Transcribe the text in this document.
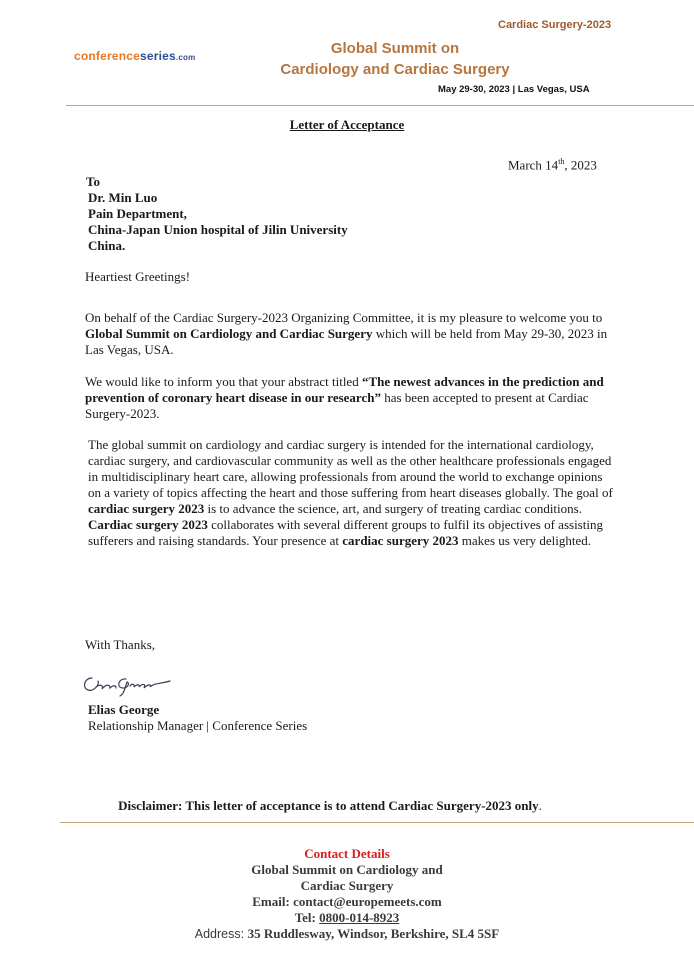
Cardiac Surgery-2023
conferenceseries.com
Global Summit on
Cardiology and Cardiac Surgery
May 29-30, 2023 | Las Vegas, USA
Letter of Acceptance
March 14th, 2023
To
Dr. Min Luo
Pain Department,
China-Japan Union hospital of Jilin University
China.
Heartiest Greetings!
On behalf of the Cardiac Surgery-2023 Organizing Committee, it is my pleasure to welcome you to Global Summit on Cardiology and Cardiac Surgery which will be held from May 29-30, 2023 in Las Vegas, USA.
We would like to inform you that your abstract titled “The newest advances in the prediction and prevention of coronary heart disease in our research” has been accepted to present at Cardiac Surgery-2023.
The global summit on cardiology and cardiac surgery is intended for the international cardiology, cardiac surgery, and cardiovascular community as well as the other healthcare professionals engaged in multidisciplinary heart care, allowing professionals from around the world to exchange opinions on a variety of topics affecting the heart and those suffering from heart diseases globally. The goal of cardiac surgery 2023 is to advance the science, art, and surgery of treating cardiac conditions. Cardiac surgery 2023 collaborates with several different groups to fulfil its objectives of assisting sufferers and raising standards. Your presence at cardiac surgery 2023 makes us very delighted.
With Thanks,
Elias George
Relationship Manager | Conference Series
Disclaimer: This letter of acceptance is to attend Cardiac Surgery-2023 only.
Contact Details
Global Summit on Cardiology and
Cardiac Surgery
Email: contact@europemeets.com
Tel: 0800-014-8923
Address: 35 Ruddlesway, Windsor, Berkshire, SL4 5SF
